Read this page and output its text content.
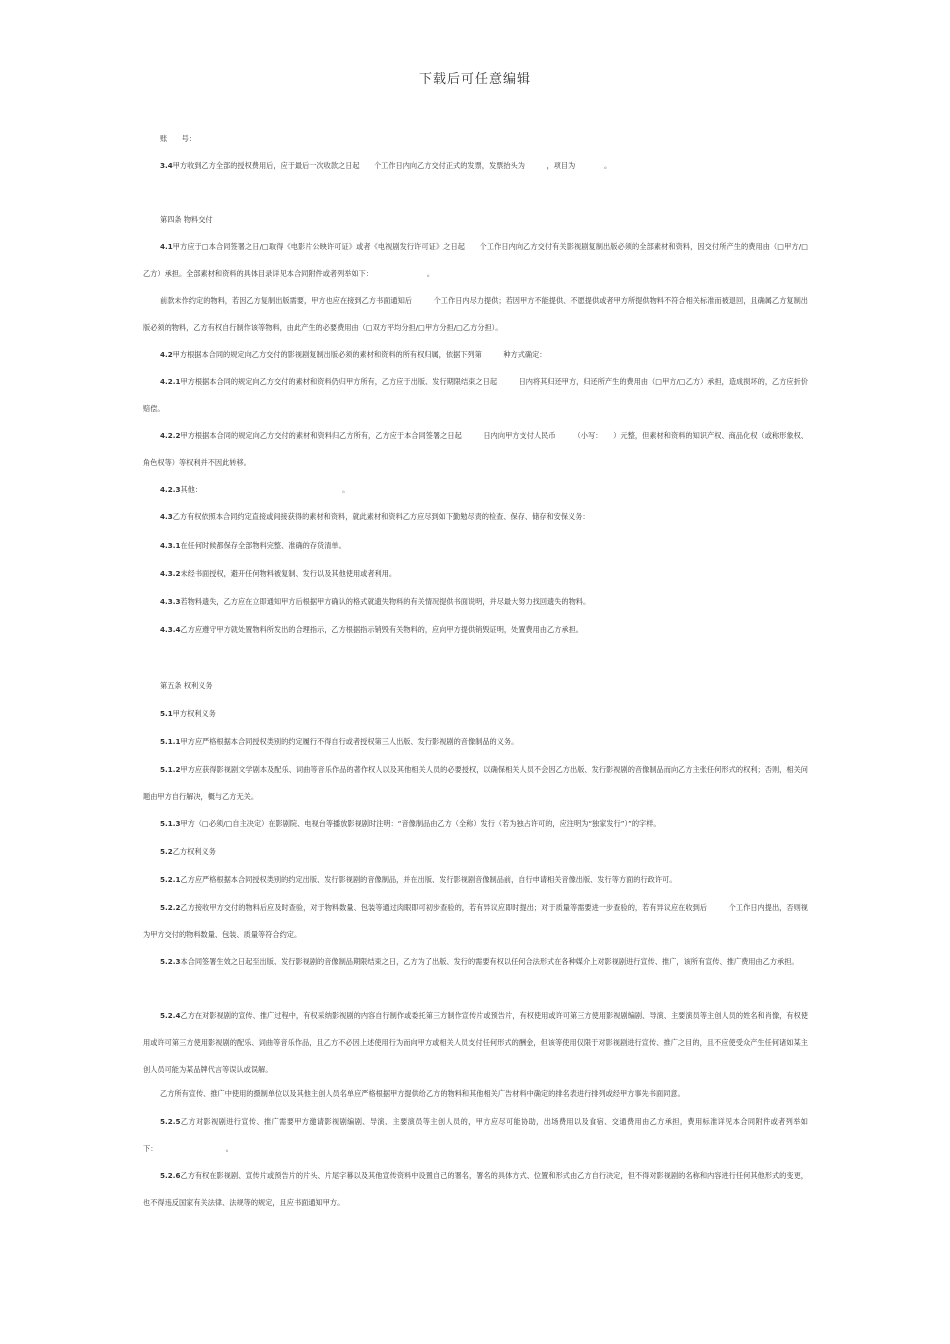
下载后可任意编辑
账　　号：
3.4甲方收到乙方全部的授权费用后，应于最后一次收款之日起　　个工作日内向乙方交付正式的发票，发票抬头为　　　，项目为　　　　。
第四条 物料交付
4.1甲方应于□本合同签署之日/□取得《电影片公映许可证》或者《电视剧发行许可证》之日起　　个工作日内向乙方交付有关影视剧复制出版必须的全部素材和资料，因交付所产生的费用由（□甲方/□乙方）承担。全部素材和资料的具体目录详见本合同附件或者列举如下：　　　　　　　　。
前款未作约定的物料，若因乙方复制出版需要，甲方也应在接到乙方书面通知后　　　个工作日内尽力提供；若因甲方不能提供、不愿提供或者甲方所提供物料不符合相关标准而被退回，且确属乙方复制出版必须的物料，乙方有权自行制作该等物料，由此产生的必要费用由（□双方平均分担/□甲方分担/□乙方分担）。
4.2甲方根据本合同的规定向乙方交付的影视剧复制出版必须的素材和资料的所有权归属，依据下列第　　　种方式确定：
4.2.1甲方根据本合同的规定向乙方交付的素材和资料仍归甲方所有，乙方应于出版、发行期限结束之日起　　　日内将其归还甲方，归还所产生的费用由（□甲方/□乙方）承担，造成损坏的，乙方应折价赔偿。
4.2.2甲方根据本合同的规定向乙方交付的素材和资料归乙方所有，乙方应于本合同签署之日起　　　日内向甲方支付人民币　　　（小写：　　）元整，但素材和资料的知识产权、商品化权（或称形象权、角色权等）等权利并不因此转移。
4.2.3其他：　　　　　　　　　　　　　　　　　　　　。
4.3乙方有权依照本合同约定直接或间接获得的素材和资料，就此素材和资料乙方应尽到如下勤勉尽责的检查、保存、储存和安保义务：
4.3.1在任何时候都保存全部物料完整、准确的存货清单。
4.3.2未经书面授权，避开任何物料被复制、发行以及其他使用或者利用。
4.3.3若物料遗失，乙方应在立即通知甲方后根据甲方确认的格式就遗失物料的有关情况提供书面说明，并尽最大努力找回遗失的物料。
4.3.4乙方应遵守甲方就处置物料所发出的合理指示，乙方根据指示销毁有关物料的，应向甲方提供销毁证明，处置费用由乙方承担。
第五条 权利义务
5.1甲方权利义务
5.1.1甲方应严格根据本合同授权类别的约定履行不得自行或者授权第三人出版、发行影视剧的音像制品的义务。
5.1.2甲方应获得影视剧文学剧本及配乐、词曲等音乐作品的著作权人以及其他相关人员的必要授权，以确保相关人员不会因乙方出版、发行影视剧的音像制品而向乙方主张任何形式的权利；否则，相关问题由甲方自行解决，概与乙方无关。
5.1.3甲方（□必须/□自主决定）在影剧院、电视台等播放影视剧时注明：“音像制品由乙方（全称）发行（若为独占许可的，应注明为“独家发行”）”的字样。
5.2乙方权利义务
5.2.1乙方应严格根据本合同授权类别的约定出版、发行影视剧的音像制品，并在出版、发行影视剧音像制品前，自行申请相关音像出版、发行等方面的行政许可。
5.2.2乙方接收甲方交付的物料后应及时查验，对于物料数量、包装等通过肉眼即可初步查验的，若有异议应即时提出；对于质量等需要进一步查验的，若有异议应在收到后　　　个工作日内提出，否则视为甲方交付的物料数量、包装、质量等符合约定。
5.2.3本合同签署生效之日起至出版、发行影视剧的音像制品期限结束之日，乙方为了出版、发行的需要有权以任何合法形式在各种媒介上对影视剧进行宣传、推广，该所有宣传、推广费用由乙方承担。
5.2.4乙方在对影视剧的宣传、推广过程中，有权采纳影视剧的内容自行制作或委托第三方制作宣传片或预告片，有权使用或许可第三方使用影视剧编剧、导演、主要演员等主创人员的姓名和肖像，有权使用或许可第三方使用影视剧的配乐、词曲等音乐作品，且乙方不必因上述使用行为而向甲方或相关人员支付任何形式的酬金，但该等使用仅限于对影视剧进行宣传、推广之目的，且不应使受众产生任何诸如某主创人员可能为某品牌代言等误认或误解。
乙方所有宣传、推广中使用的摄制单位以及其他主创人员名单应严格根据甲方提供给乙方的物料和其他相关广告材料中确定的排名表进行排列或经甲方事先书面同意。
5.2.5乙方对影视剧进行宣传、推广需要甲方邀请影视剧编剧、导演、主要演员等主创人员的，甲方应尽可能协助，出场费用以及食宿、交通费用由乙方承担，费用标准详见本合同附件或者列举如下：　　　　　　　　　　。
5.2.6乙方有权在影视剧、宣传片或预告片的片头、片尾字幕以及其他宣传资料中设置自己的署名，署名的具体方式、位置和形式由乙方自行决定，但不得对影视剧的名称和内容进行任何其他形式的变更，也不得违反国家有关法律、法规等的规定，且应书面通知甲方。
